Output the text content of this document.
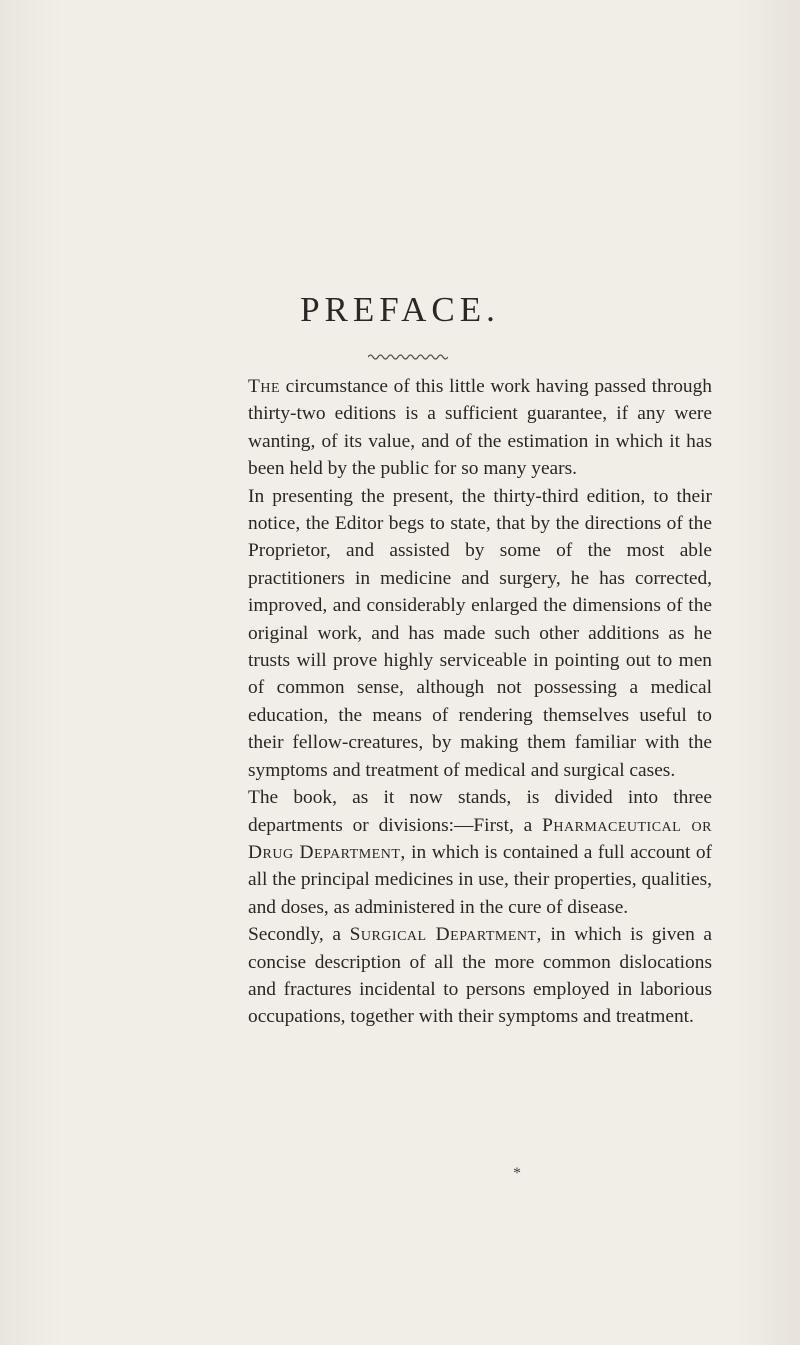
PREFACE.

The circumstance of this little work having passed through thirty-two editions is a sufficient guarantee, if any were wanting, of its value, and of the estimation in which it has been held by the public for so many years.

In presenting the present, the thirty-third edition, to their notice, the Editor begs to state, that by the directions of the Proprietor, and assisted by some of the most able practitioners in medicine and surgery, he has corrected, improved, and considerably enlarged the dimensions of the original work, and has made such other additions as he trusts will prove highly serviceable in pointing out to men of common sense, although not possessing a medical education, the means of rendering themselves useful to their fellow-creatures, by making them familiar with the symptoms and treatment of medical and surgical cases.

The book, as it now stands, is divided into three departments or divisions:—First, a Pharmaceutical or Drug Department, in which is contained a full account of all the principal medicines in use, their properties, qualities, and doses, as administered in the cure of disease.

Secondly, a Surgical Department, in which is given a concise description of all the more common dislocations and fractures incidental to persons employed in laborious occupations, together with their symptoms and treatment.

*
